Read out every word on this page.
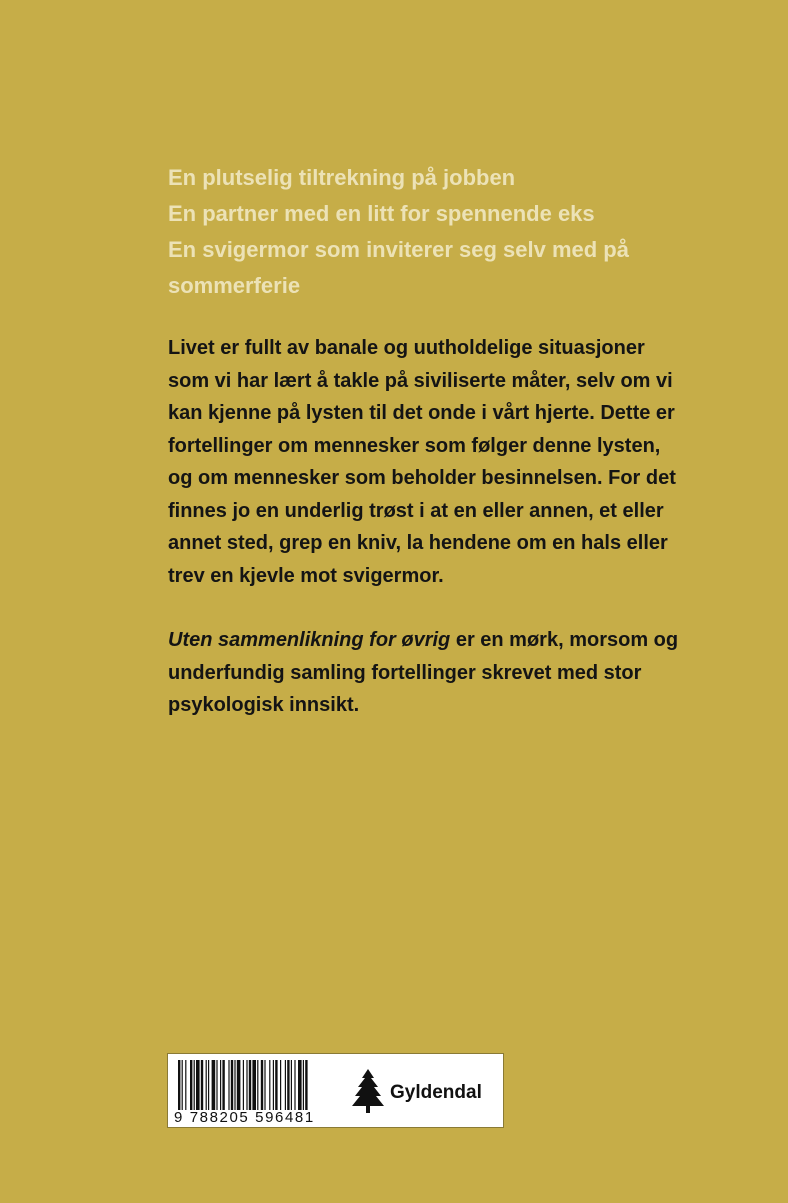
En plutselig tiltrekning på jobben
En partner med en litt for spennende eks
En svigermor som inviterer seg selv med på
sommerferie
Livet er fullt av banale og uutholdelige situasjoner
som vi har lært å takle på siviliserte måter, selv om vi
kan kjenne på lysten til det onde i vårt hjerte. Dette er
fortellinger om mennesker som følger denne lysten,
og om mennesker som beholder besinnelsen. For det
finnes jo en underlig trøst i at en eller annen, et eller
annet sted, grep en kniv, la hendene om en hals eller
trev en kjevle mot svigermor.
Uten sammenlikning for øvrig er en mørk, morsom og
underfundig samling fortellinger skrevet med stor
psykologisk innsikt.
9 788205 596481
Gyldendal
